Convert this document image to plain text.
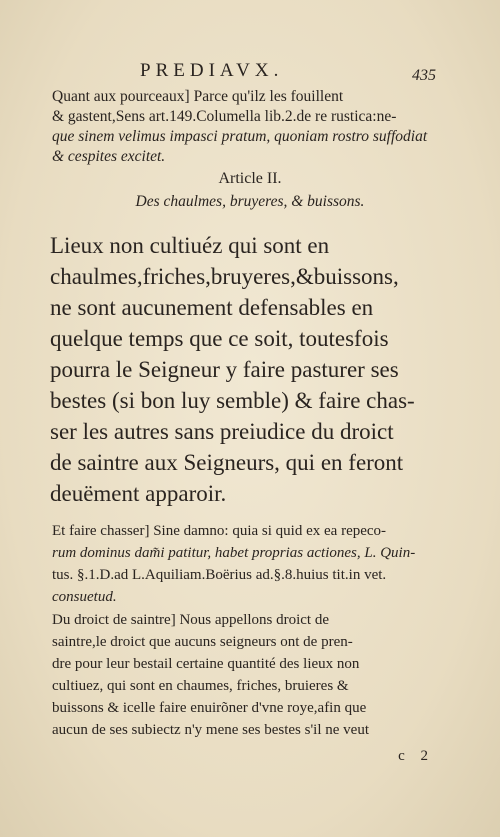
PREDIAVX.	435
Quant aux pourceaux] Parce qu'ilz les fouillent
& gastent,Sens art.149.Columella lib.2.de re rustica:ne-
que sinem velimus impasci pratum, quoniam rostro suffodiat
& cespites excitet.
Article II.
Des chaulmes, bruyeres, & buissons.
Lieux non cultiuéz qui sont en
chaulmes,friches,bruyeres,&buissons,
ne sont aucunement defensables en
quelque temps que ce soit, toutesfois
pourra le Seigneur y faire pasturer ses
bestes (si bon luy semble) & faire chas-
ser les autres sans preiudice du droict
de saintre aux Seigneurs, qui en feront
deuëment apparoir.
Et faire chasser] Sine damno: quia si quid ex ea repeco-
rum dominus dam̃i patitur, habet proprias actiones, L. Quin-
tus. §.1.D.ad L.Aquiliam.Boërius ad.§.8.huius tit.in vet.
consuetud.
Du droict de saintre] Nous appellons droict de
saintre,le droict que aucuns seigneurs ont de pren-
dre pour leur bestail certaine quantité des lieux non
cultiuez, qui sont en chaumes, friches, bruieres &
buissons & icelle faire enuirõner d'vne roye,afin que
aucun de ses subiectz n'y mene ses bestes s'il ne veut
c 2
